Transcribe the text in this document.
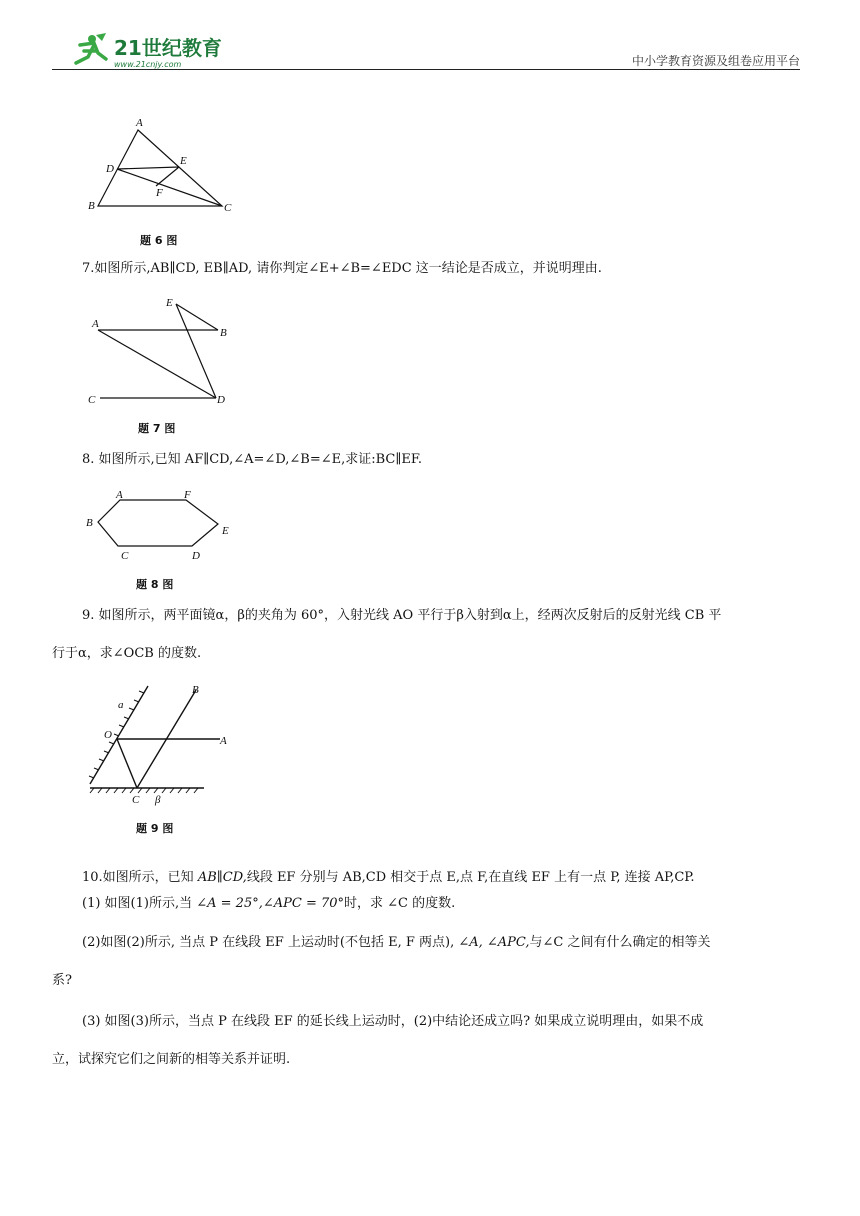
21世纪教育
www.21cnjy.com	中小学教育资源及组卷应用平台
A
B	C
D
E
F
题 6 图
7.如图所示,AB∥CD, EB∥AD, 请你判定∠E+∠B=∠EDC 这一结论是否成立，并说明理由.
A
B
C	D
E
题 7 图
8. 如图所示,已知 AF∥CD,∠A=∠D,∠B=∠E,求证:BC∥EF.
A
B
C	D
E
F
题 8 图
9. 如图所示，两平面镜α，β的夹角为 60°，入射光线 AO 平行于β入射到α上，经两次反射后的反射光线 CB 平
行于α，求∠OCB 的度数.
a
O	A
B
C β
题 9 图
10.如图所示，已知 AB∥CD,线段 EF 分别与 AB,CD 相交于点 E,点 F,在直线 EF 上有一点 P, 连接 AP,CP.
(1) 如图(1)所示,当 ∠A = 25°,∠APC = 70°时，求 ∠C 的度数.
(2)如图(2)所示, 当点 P 在线段 EF 上运动时(不包括 E, F 两点), ∠A, ∠APC,与∠C 之间有什么确定的相等关
系?
(3) 如图(3)所示，当点 P 在线段 EF 的延长线上运动时，(2)中结论还成立吗? 如果成立说明理由，如果不成
立，试探究它们之间新的相等关系并证明.
